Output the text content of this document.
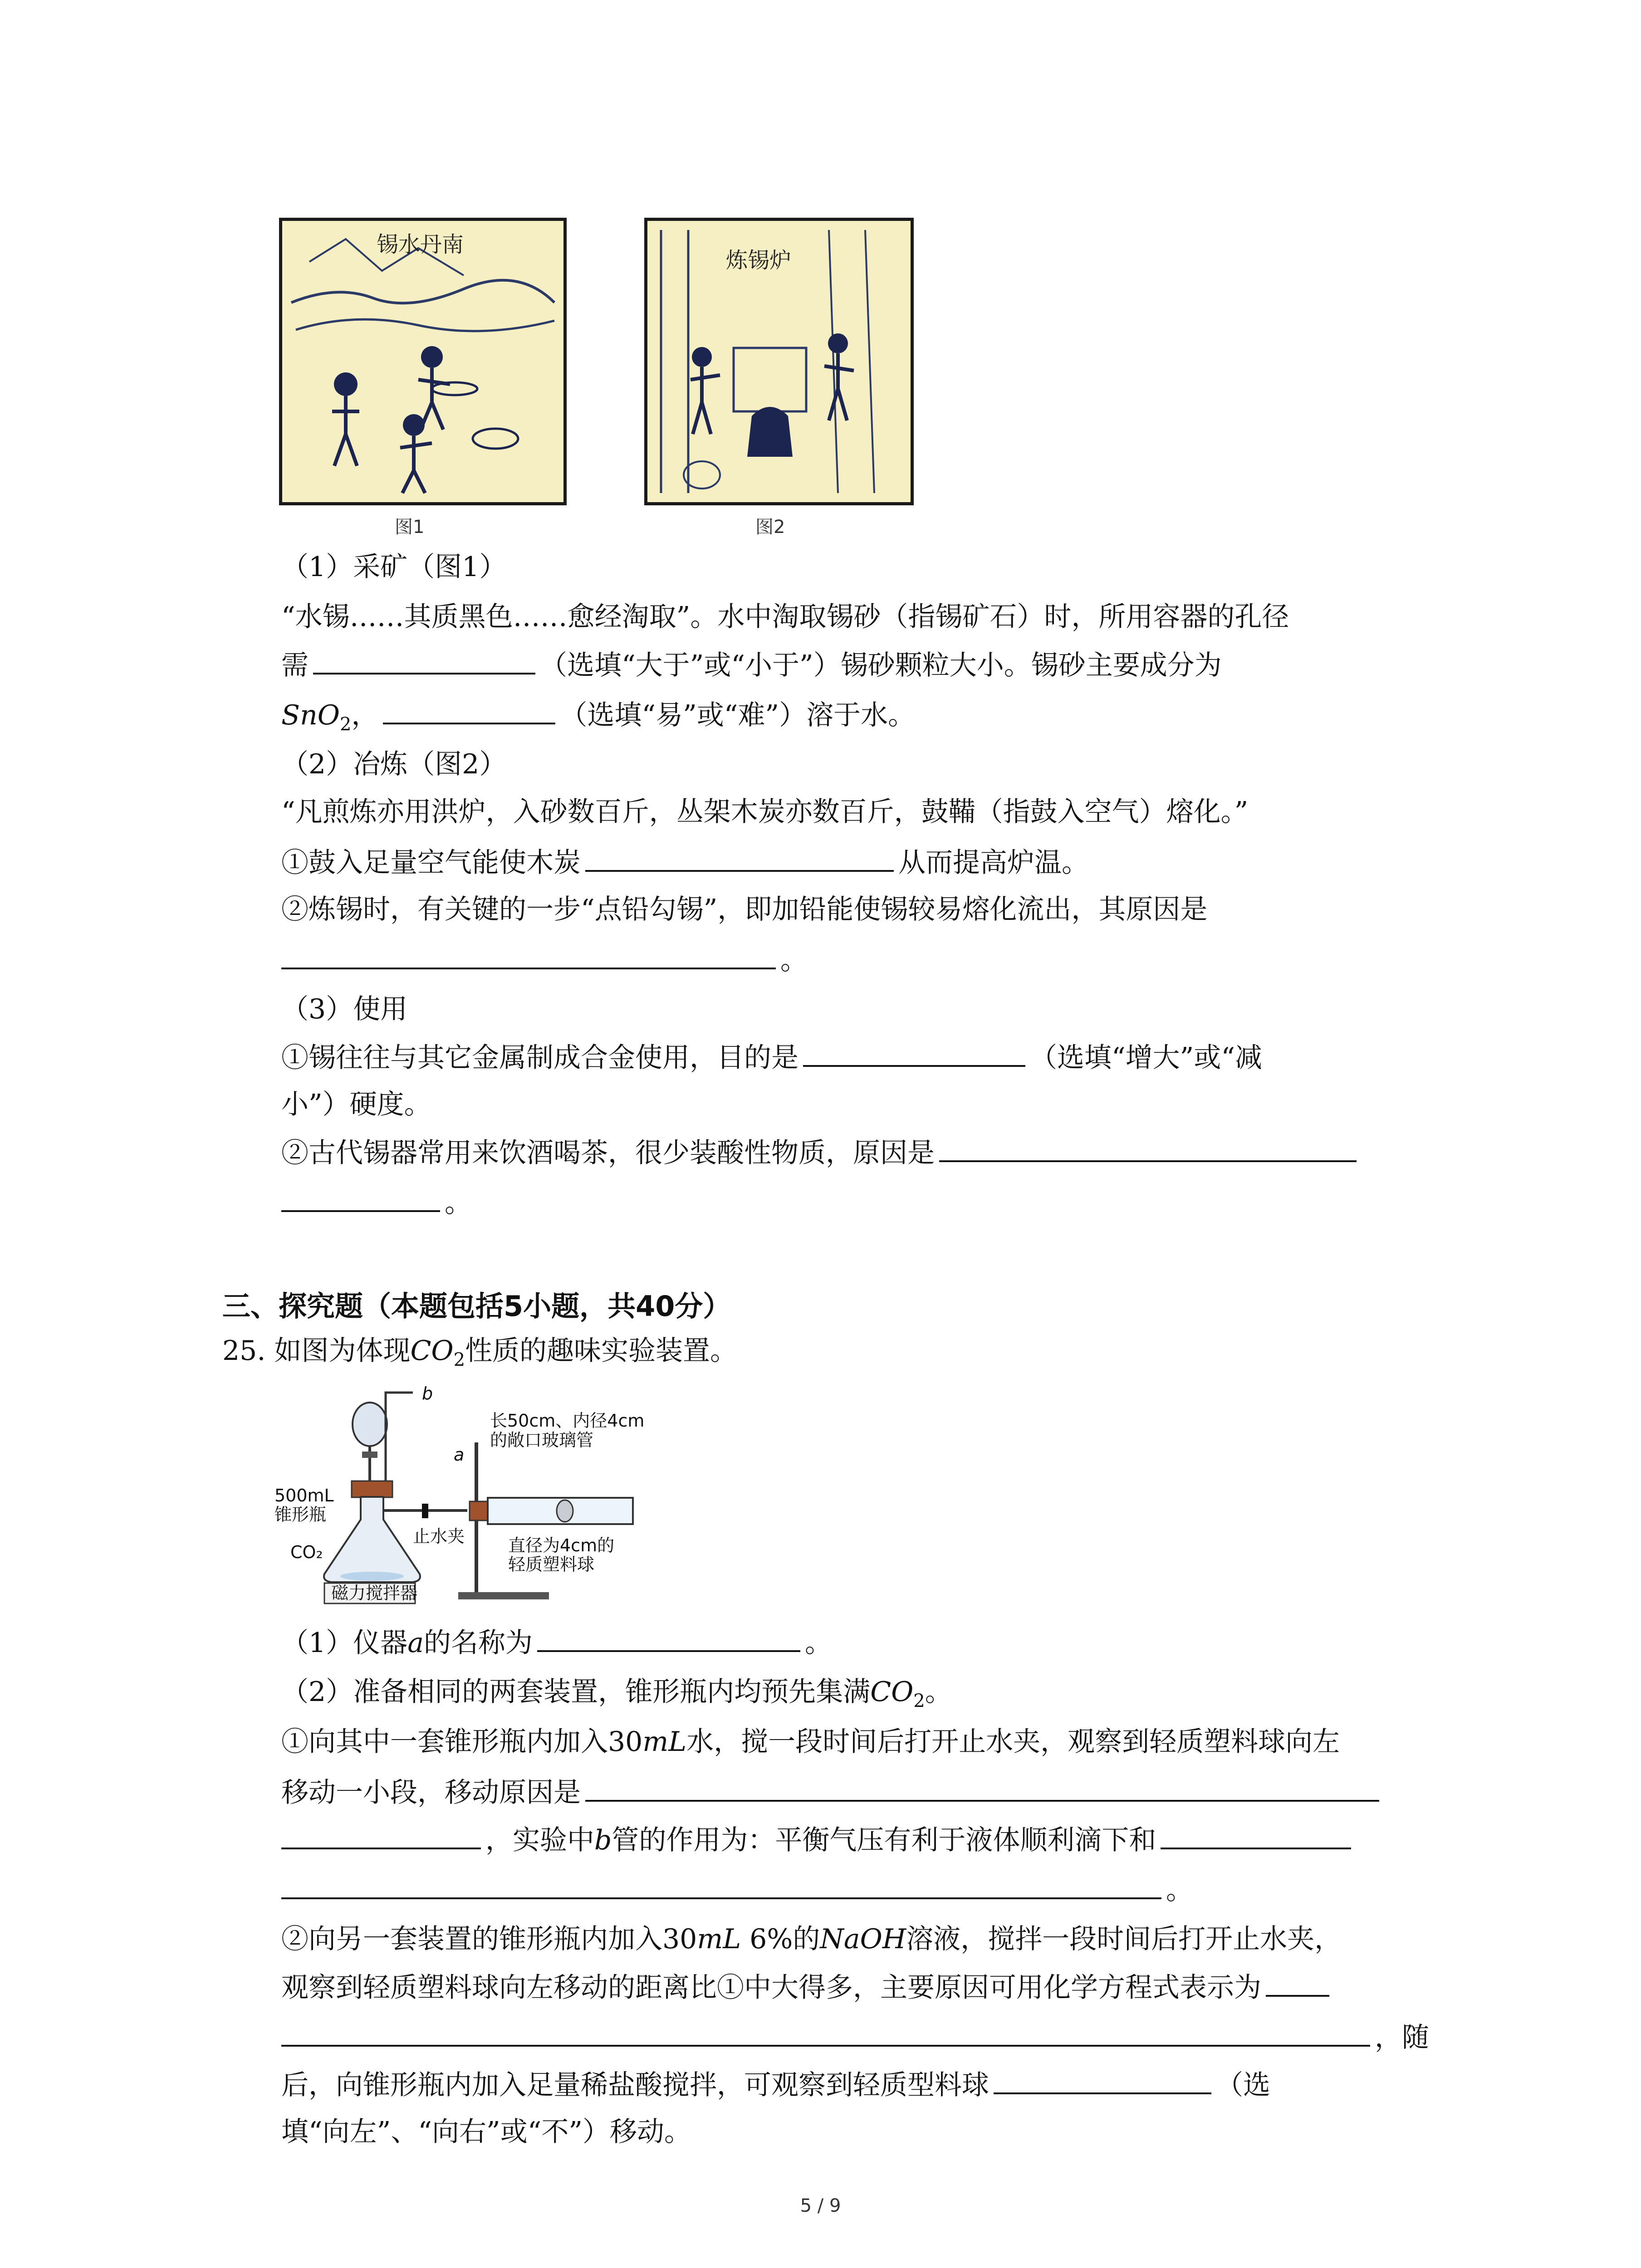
锡水丹南
炼锡炉
图1	图2
（1）采矿（图1）
“水锡……其质黑色……愈经淘取”。水中淘取锡砂（指锡矿石）时，所用容器的孔径
需	（选填“大于”或“小于”）锡砂颗粒大小。锡砂主要成分为
SnO$_2$，	（选填“易”或“难”）溶于水。
（2）冶炼（图2）
“凡煎炼亦用洪炉，入砂数百斤，丛架木炭亦数百斤，鼓鞴（指鼓入空气）熔化。”
①鼓入足量空气能使木炭	从而提高炉温。
②炼锡时，有关键的一步“点铅勾锡”，即加铅能使锡较易熔化流出，其原因是
。
（3）使用
①锡往往与其它金属制成合金使用，目的是	（选填“增大”或“减
小”）硬度。
②古代锡器常用来饮酒喝茶，很少装酸性物质，原因是
。
三、探究题（本题包括5小题，共40分）
25. 如图为体现$CO_2$性质的趣味实验装置。
b
磁力搅拌器
a
长50cm、内径4cm
的敞口玻璃管
500mL
锥形瓶
CO₂
止水夹	直径为4cm的
轻质塑料球
（1）仪器a的名称为	。
（2）准备相同的两套装置，锥形瓶内均预先集满$CO_2$。
①向其中一套锥形瓶内加入30mL水，搅一段时间后打开止水夹，观察到轻质塑料球向左
移动一小段，移动原因是
，实验中b管的作用为：平衡气压有利于液体顺利滴下和
。
②向另一套装置的锥形瓶内加入30mL 6%的NaOH溶液，搅拌一段时间后打开止水夹，
观察到轻质塑料球向左移动的距离比①中大得多，主要原因可用化学方程式表示为
，随
后，向锥形瓶内加入足量稀盐酸搅拌，可观察到轻质型料球	（选
填“向左”、“向右”或“不”）移动。
5 / 9
